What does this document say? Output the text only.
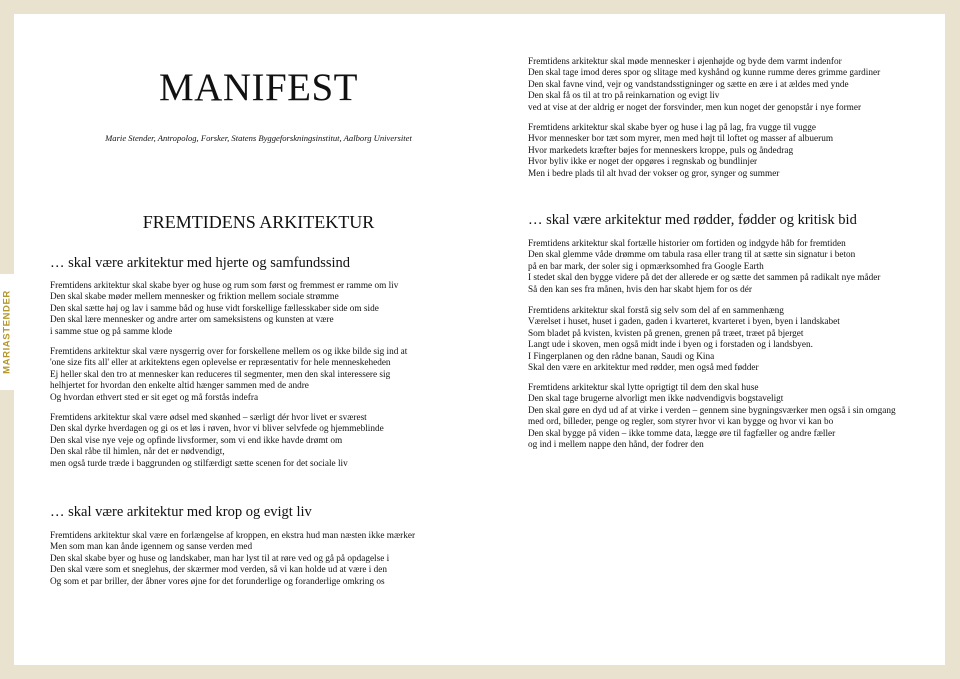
MARIASTENDER
MANIFEST

Marie Stender, Antropolog, Forsker, Statens Byggeforskningsinstitut, Aalborg Universitet

FREMTIDENS ARKITEKTUR
… skal være arkitektur med hjerte og samfundssind
Fremtidens arkitektur skal skabe byer og huse og rum som først og fremmest er ramme om liv
Den skal skabe møder mellem mennesker og friktion mellem sociale strømme
Den skal sætte høj og lav i samme båd og huse vidt forskellige fællesskaber side om side
Den skal lære mennesker og andre arter om sameksistens og kunsten at være
i samme stue og på samme klode
Fremtidens arkitektur skal være nysgerrig over for forskellene mellem os og ikke bilde sig ind at
'one size fits all' eller at arkitektens egen oplevelse er repræsentativ for hele menneskeheden
Ej heller skal den tro at mennesker kan reduceres til segmenter, men den skal interessere sig
helhjertet for hvordan den enkelte altid hænger sammen med de andre
Og hvordan ethvert sted er sit eget og må forstås indefra
Fremtidens arkitektur skal være ødsel med skønhed – særligt dér hvor livet er sværest
Den skal dyrke hverdagen og gi os et løs i røven, hvor vi bliver selvfede og hjemmeblinde
Den skal vise nye veje og opfinde livsformer, som vi end ikke havde drømt om
Den skal råbe til himlen, når det er nødvendigt,
men også turde træde i baggrunden og stilfærdigt sætte scenen for det sociale liv
… skal være arkitektur med krop og evigt liv
Fremtidens arkitektur skal være en forlængelse af kroppen, en ekstra hud man næsten ikke mærker
Men som man kan ånde igennem og sanse verden med
Den skal skabe byer og huse og landskaber, man har lyst til at røre ved og gå på opdagelse i
Den skal være som et sneglehus, der skærmer mod verden, så vi kan holde ud at være i den
Og som et par briller, der åbner vores øjne for det forunderlige og foranderlige omkring os
Fremtidens arkitektur skal møde mennesker i øjenhøjde og byde dem varmt indenfor
Den skal tage imod deres spor og slitage med kyshånd og kunne rumme deres grimme gardiner
Den skal favne vind, vejr og vandstandsstigninger og sætte en ære i at ældes med ynde
Den skal få os til at tro på reinkarnation og evigt liv
ved at vise at der aldrig er noget der forsvinder, men kun noget der genopstår i nye former
Fremtidens arkitektur skal skabe byer og huse i lag på lag, fra vugge til vugge
Hvor mennesker bor tæt som myrer, men med højt til loftet og masser af albuerum
Hvor markedets kræfter bøjes for menneskers kroppe, puls og åndedrag
Hvor byliv ikke er noget der opgøres i regnskab og bundlinjer
Men i bedre plads til alt hvad der vokser og gror, synger og summer
… skal være arkitektur med rødder, fødder og kritisk bid
Fremtidens arkitektur skal fortælle historier om fortiden og indgyde håb for fremtiden
Den skal glemme våde drømme om tabula rasa eller trang til at sætte sin signatur i beton
på en bar mark, der soler sig i opmærksomhed fra Google Earth
I stedet skal den bygge videre på det der allerede er og sætte det sammen på radikalt nye måder
Så den kan ses fra månen, hvis den har skabt hjem for os dér
Fremtidens arkitektur skal forstå sig selv som del af en sammenhæng
Værelset i huset, huset i gaden, gaden i kvarteret, kvarteret i byen, byen i landskabet
Som bladet på kvisten, kvisten på grenen, grenen på træet, træet på bjerget
Langt ude i skoven, men også midt inde i byen og i forstaden og i landsbyen.
I Fingerplanen og den rådne banan, Saudi og Kina
Skal den være en arkitektur med rødder, men også med fødder
Fremtidens arkitektur skal lytte oprigtigt til dem den skal huse
Den skal tage brugerne alvorligt men ikke nødvendigvis bogstaveligt
Den skal gøre en dyd ud af at virke i verden – gennem sine bygningsværker men også i sin omgang
med ord, billeder, penge og regler, som styrer hvor vi kan bygge og hvor vi kan bo
Den skal bygge på viden – ikke tomme data, lægge øre til fagfæller og andre fæller
og ind i mellem nappe den hånd, der fodrer den
